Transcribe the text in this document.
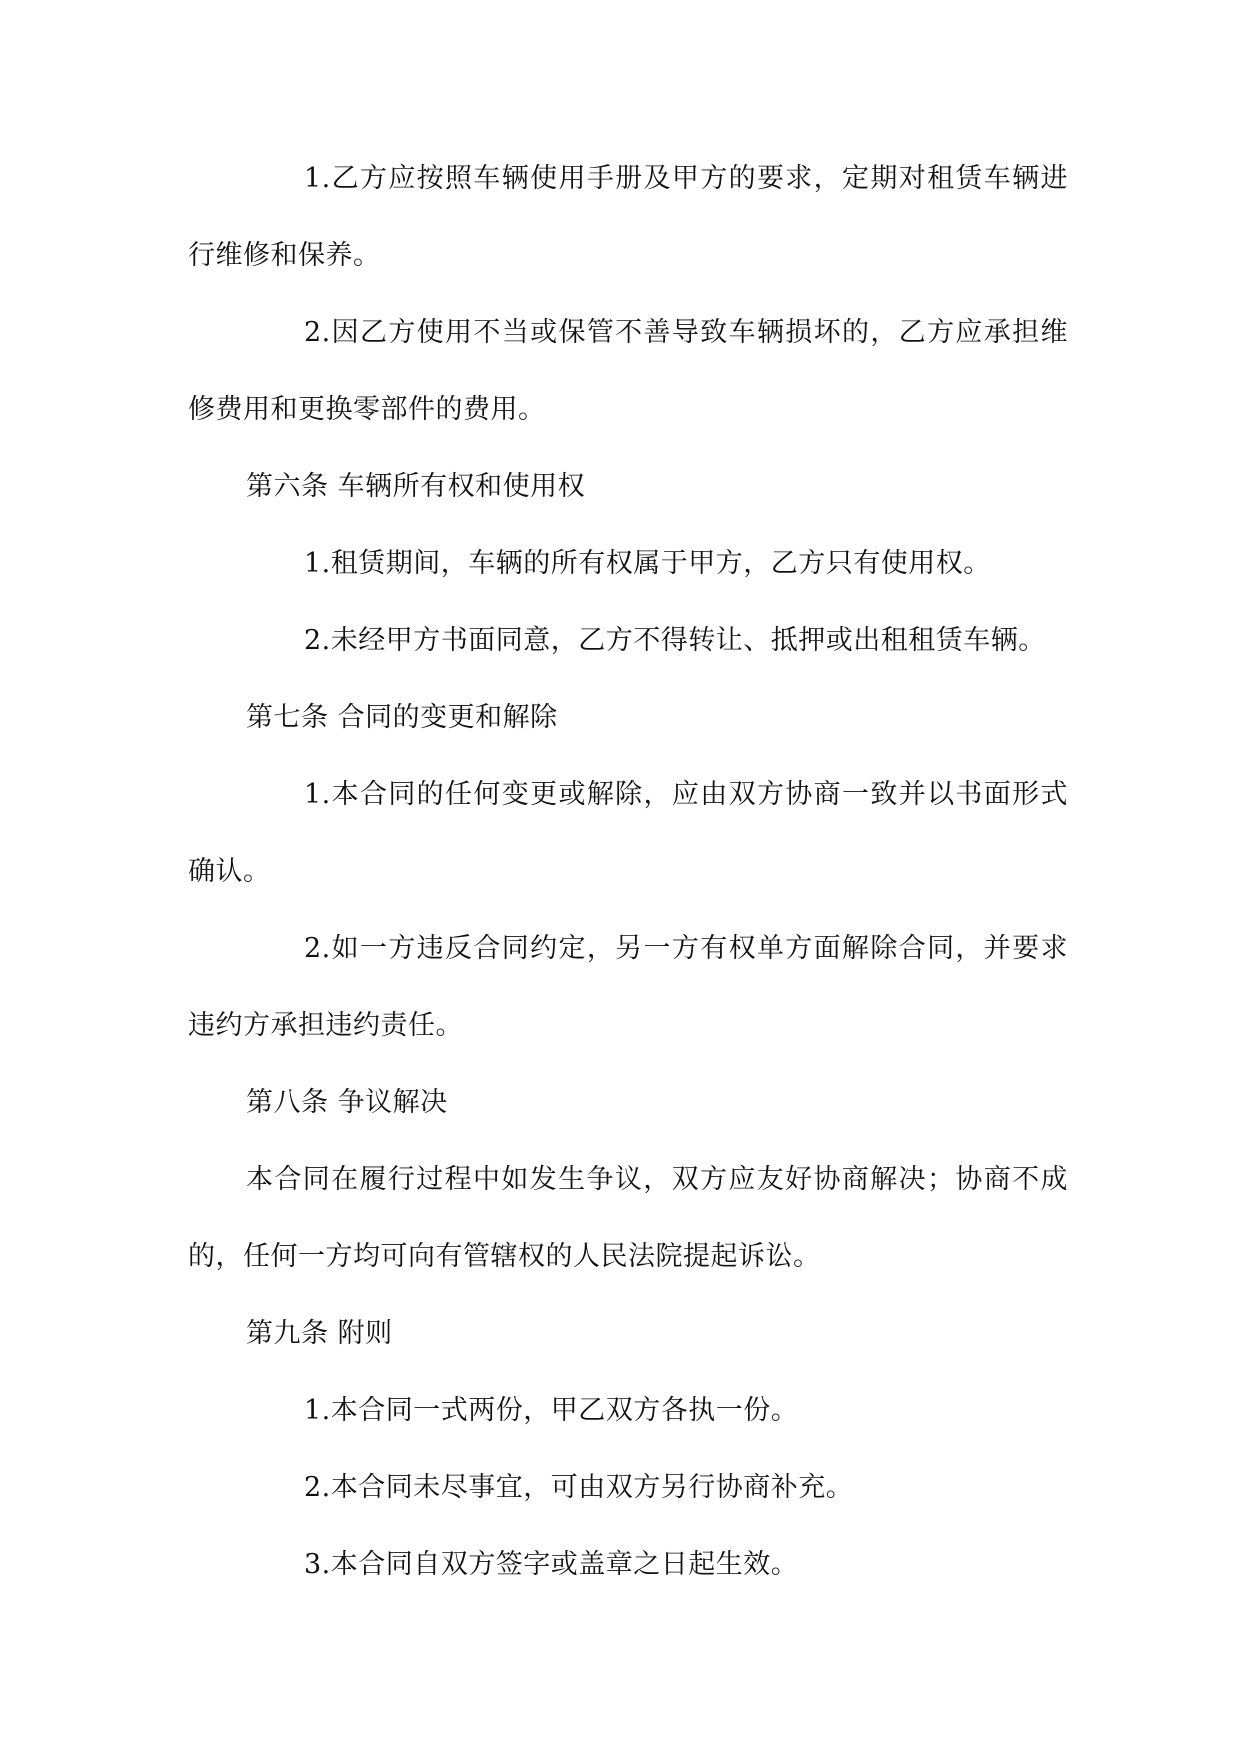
1.乙方应按照车辆使用手册及甲方的要求，定期对租赁车辆进行维修和保养。

2.因乙方使用不当或保管不善导致车辆损坏的，乙方应承担维修费用和更换零部件的费用。

第六条 车辆所有权和使用权

1.租赁期间，车辆的所有权属于甲方，乙方只有使用权。

2.未经甲方书面同意，乙方不得转让、抵押或出租租赁车辆。

第七条 合同的变更和解除

1.本合同的任何变更或解除，应由双方协商一致并以书面形式确认。

2.如一方违反合同约定，另一方有权单方面解除合同，并要求违约方承担违约责任。

第八条 争议解决

本合同在履行过程中如发生争议，双方应友好协商解决；协商不成的，任何一方均可向有管辖权的人民法院提起诉讼。

第九条 附则

1.本合同一式两份，甲乙双方各执一份。

2.本合同未尽事宜，可由双方另行协商补充。

3.本合同自双方签字或盖章之日起生效。
